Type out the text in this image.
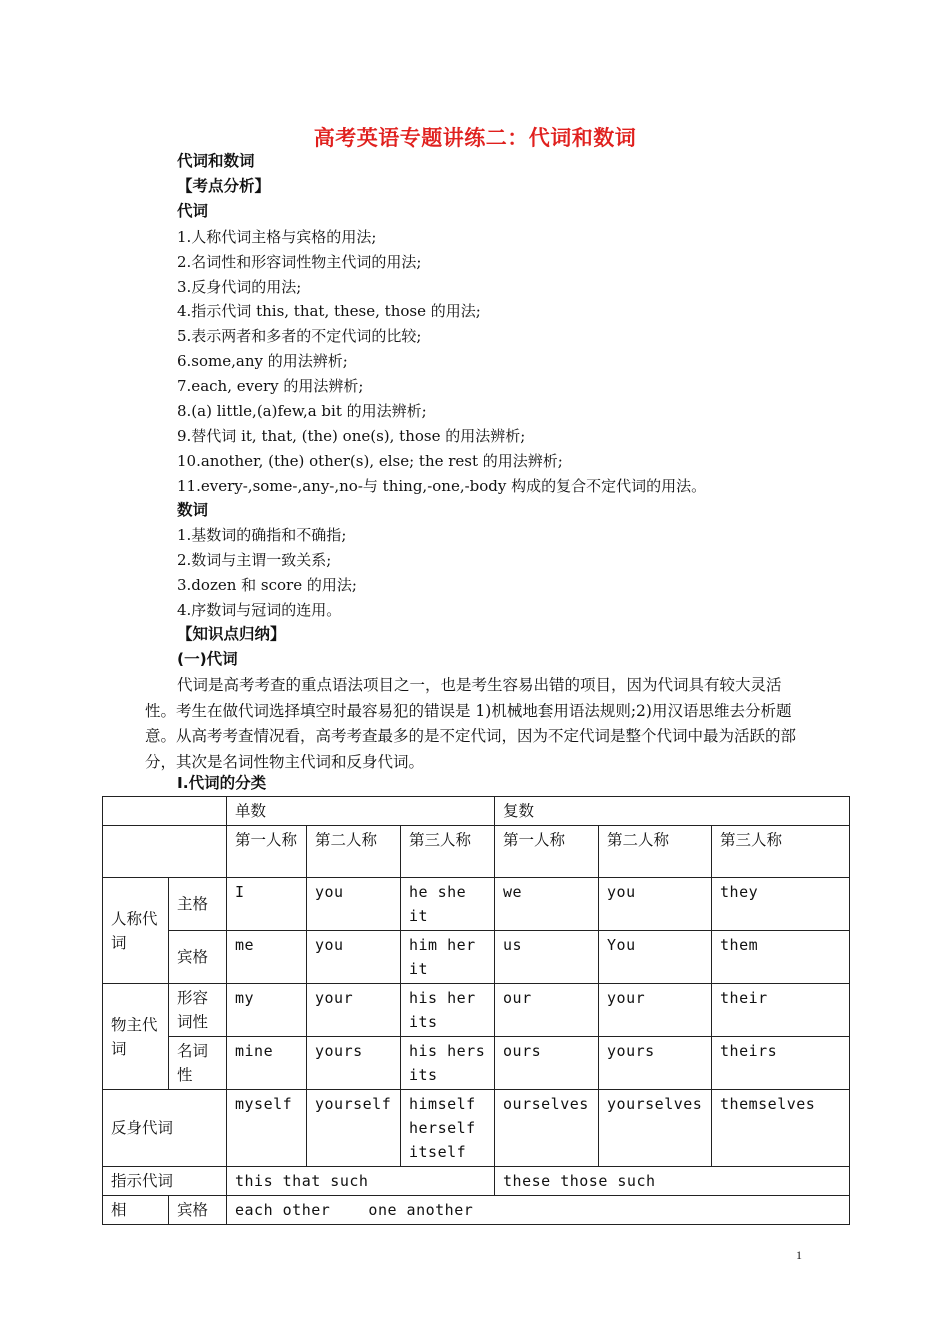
高考英语专题讲练二：代词和数词
代词和数词
【考点分析】
代词
1.人称代词主格与宾格的用法;
2.名词性和形容词性物主代词的用法;
3.反身代词的用法;
4.指示代词 this, that, these, those 的用法;
5.表示两者和多者的不定代词的比较;
6.some,any 的用法辨析;
7.each, every 的用法辨析;
8.(a) little,(a)few,a bit 的用法辨析;
9.替代词 it, that, (the) one(s), those 的用法辨析;
10.another, (the) other(s), else; the rest 的用法辨析;
11.every-,some-,any-,no-与 thing,-one,-body 构成的复合不定代词的用法。
数词
1.基数词的确指和不确指;
2.数词与主谓一致关系;
3.dozen 和 score 的用法;
4.序数词与冠词的连用。
【知识点归纳】
(一)代词
代词是高考考查的重点语法项目之一，也是考生容易出错的项目，因为代词具有较大灵活性。考生在做代词选择填空时最容易犯的错误是 1)机械地套用语法规则;2)用汉语思维去分析题意。从高考考查情况看，高考考查最多的是不定代词，因为不定代词是整个代词中最为活跃的部分，其次是名词性物主代词和反身代词。
I.代词的分类
		单数			复数		
		第一人称	第二人称	第三人称	第一人称	第二人称	第三人称
人称代词	主格	I	you	he she it	we	you	they
	宾格	me	you	him her it	us	You	them
物主代词	形容词性	my	your	his her its	our	your	their
	名词性	mine	yours	his hers its	ours	yours	theirs
反身代词		myself	yourself	himself herself itself	ourselves	yourselves	themselves
指示代词		this that such			these those such		
相	宾格	each other    one another					
1
